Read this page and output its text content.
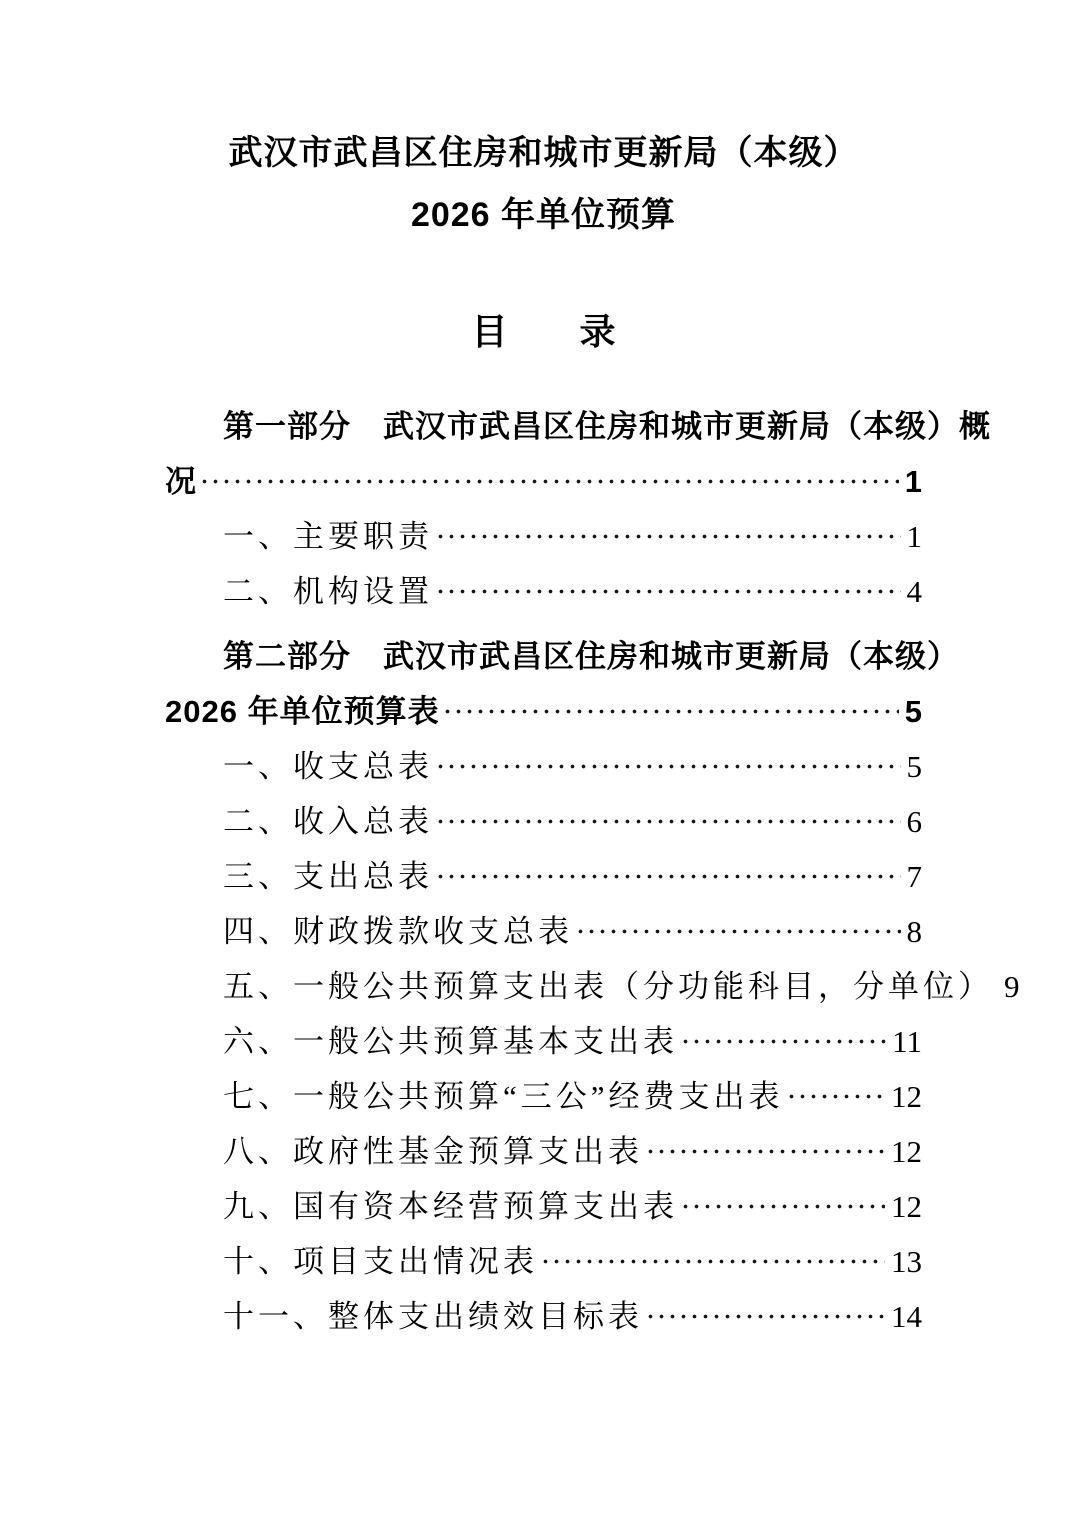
武汉市武昌区住房和城市更新局（本级）
2026 年单位预算
目　　录
第一部分　武汉市武昌区住房和城市更新局（本级）概
况	1
一、主要职责	1
二、机构设置	4
第二部分　武汉市武昌区住房和城市更新局（本级）
2026 年单位预算表	5
一、收支总表	5
二、收入总表	6
三、支出总表	7
四、财政拨款收支总表	8
五、一般公共预算支出表（分功能科目，分单位） 9
六、一般公共预算基本支出表	11
七、一般公共预算“三公”经费支出表	12
八、政府性基金预算支出表	12
九、国有资本经营预算支出表	12
十、项目支出情况表	13
十一、整体支出绩效目标表	14
